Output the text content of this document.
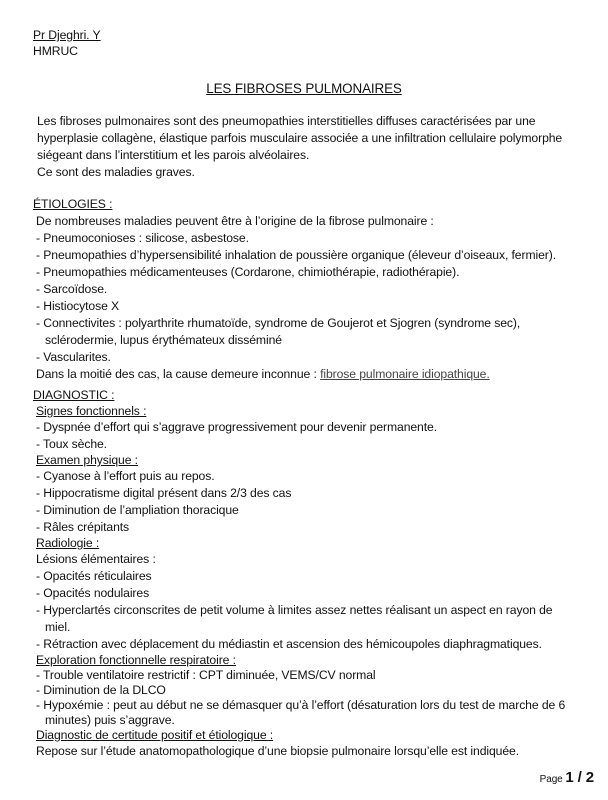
Pr Djeghri. Y
HMRUC
LES FIBROSES PULMONAIRES

Les fibroses pulmonaires sont des pneumopathies interstitielles diffuses caractérisées par une

hyperplasie collagène, élastique parfois musculaire associée a une infiltration cellulaire polymorphe

siégeant dans l’interstitium et les parois alvéolaires.

Ce sont des maladies graves.

ÉTIOLOGIES :
De nombreuses maladies peuvent être à l’origine de la fibrose pulmonaire :
- Pneumoconioses : silicose, asbestose.
- Pneumopathies d’hypersensibilité inhalation de poussière organique (éleveur d’oiseaux, fermier).
- Pneumopathies médicamenteuses (Cordarone, chimiothérapie, radiothérapie).
- Sarcoïdose.
- Histiocytose X
- Connectivites : polyarthrite rhumatoïde, syndrome de Goujerot et Sjogren (syndrome sec),
sclérodermie, lupus érythémateux disséminé
- Vascularites.
Dans la moitié des cas, la cause demeure inconnue : fibrose pulmonaire idiopathique.
DIAGNOSTIC :
Signes fonctionnels :
- Dyspnée d’effort qui s’aggrave progressivement pour devenir permanente.
- Toux sèche.
Examen physique :
- Cyanose à l’effort puis au repos.
- Hippocratisme digital présent dans 2/3 des cas
- Diminution de l’ampliation thoracique
- Râles crépitants
Radiologie :
Lésions élémentaires :
- Opacités réticulaires
- Opacités nodulaires
- Hyperclartés circonscrites de petit volume à limites assez nettes réalisant un aspect en rayon de
miel.
- Rétraction avec déplacement du médiastin et ascension des hémicoupoles diaphragmatiques.
Exploration fonctionnelle respiratoire :
- Trouble ventilatoire restrictif : CPT diminuée, VEMS/CV normal
- Diminution de la DLCO
- Hypoxémie : peut au début ne se démasquer qu’à l’effort (désaturation lors du test de marche de 6
minutes) puis s’aggrave.
Diagnostic de certitude positif et étiologique :
Repose sur l’étude anatomopathologique d’une biopsie pulmonaire lorsqu’elle est indiquée.
Page 1 / 2
